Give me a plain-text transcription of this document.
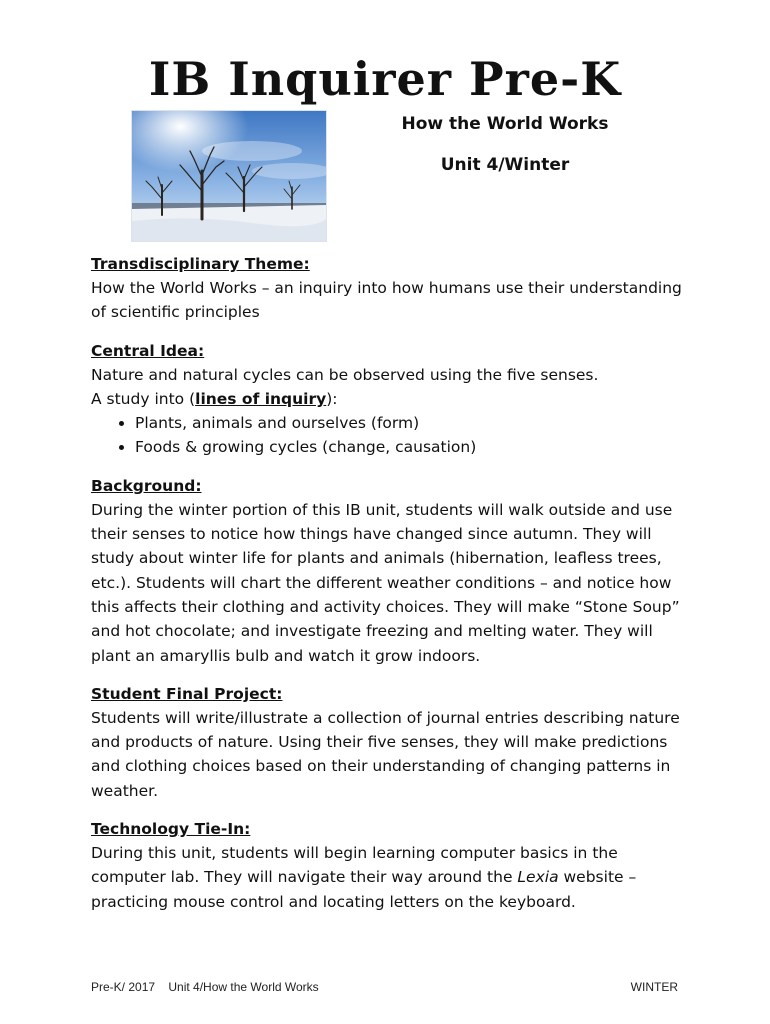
IB Inquirer Pre-K
How the World Works
Unit 4/Winter

Transdisciplinary Theme:

How the World Works – an inquiry into how humans use their understanding of scientific principles

Central Idea:

Nature and natural cycles can be observed using the five senses.

A study into (lines of inquiry):

• Plants, animals and ourselves (form)
• Foods & growing cycles (change, causation)

Background:

During the winter portion of this IB unit, students will walk outside and use their senses to notice how things have changed since autumn. They will study about winter life for plants and animals (hibernation, leafless trees, etc.). Students will chart the different weather conditions – and notice how this affects their clothing and activity choices. They will make “Stone Soup” and hot chocolate; and investigate freezing and melting water. They will plant an amaryllis bulb and watch it grow indoors.

Student Final Project:

Students will write/illustrate a collection of journal entries describing nature and products of nature. Using their five senses, they will make predictions and clothing choices based on their understanding of changing patterns in weather.

Technology Tie-In:

During this unit, students will begin learning computer basics in the computer lab. They will navigate their way around the Lexia website – practicing mouse control and locating letters on the keyboard.

Pre-K/ 2017    Unit 4/How the World Works	WINTER
